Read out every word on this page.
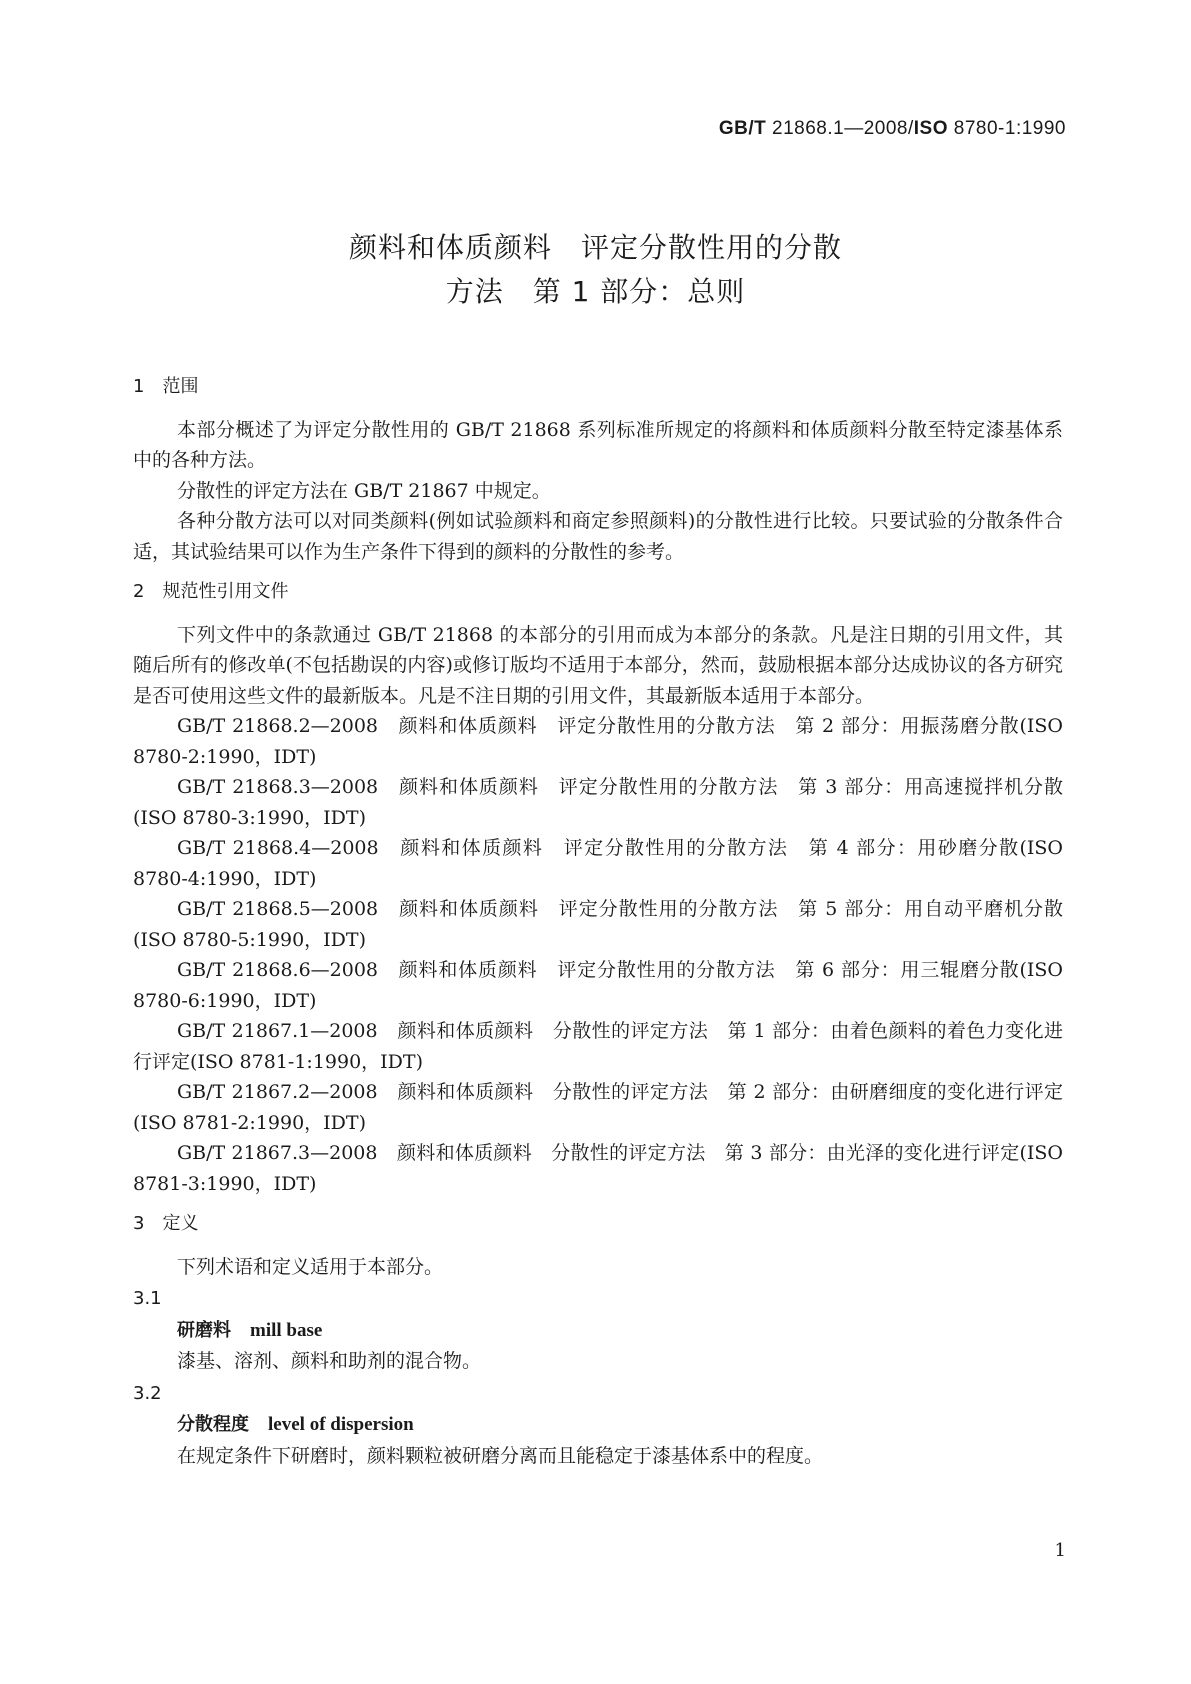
GB/T 21868.1—2008/ISO 8780-1:1990
颜料和体质颜料　评定分散性用的分散
方法　第 1 部分：总则
1　范围

本部分概述了为评定分散性用的 GB/T 21868 系列标准所规定的将颜料和体质颜料分散至特定漆基体系中的各种方法。

分散性的评定方法在 GB/T 21867 中规定。

各种分散方法可以对同类颜料(例如试验颜料和商定参照颜料)的分散性进行比较。只要试验的分散条件合适，其试验结果可以作为生产条件下得到的颜料的分散性的参考。

2　规范性引用文件

下列文件中的条款通过 GB/T 21868 的本部分的引用而成为本部分的条款。凡是注日期的引用文件，其随后所有的修改单(不包括勘误的内容)或修订版均不适用于本部分，然而，鼓励根据本部分达成协议的各方研究是否可使用这些文件的最新版本。凡是不注日期的引用文件，其最新版本适用于本部分。

GB/T 21868.2—2008　颜料和体质颜料　评定分散性用的分散方法　第 2 部分：用振荡磨分散(ISO 8780-2:1990，IDT)

GB/T 21868.3—2008　颜料和体质颜料　评定分散性用的分散方法　第 3 部分：用高速搅拌机分散(ISO 8780-3:1990，IDT)

GB/T 21868.4—2008　颜料和体质颜料　评定分散性用的分散方法　第 4 部分：用砂磨分散(ISO 8780-4:1990，IDT)

GB/T 21868.5—2008　颜料和体质颜料　评定分散性用的分散方法　第 5 部分：用自动平磨机分散(ISO 8780-5:1990，IDT)

GB/T 21868.6—2008　颜料和体质颜料　评定分散性用的分散方法　第 6 部分：用三辊磨分散(ISO 8780-6:1990，IDT)

GB/T 21867.1—2008　颜料和体质颜料　分散性的评定方法　第 1 部分：由着色颜料的着色力变化进行评定(ISO 8781-1:1990，IDT)

GB/T 21867.2—2008　颜料和体质颜料　分散性的评定方法　第 2 部分：由研磨细度的变化进行评定(ISO 8781-2:1990，IDT)

GB/T 21867.3—2008　颜料和体质颜料　分散性的评定方法　第 3 部分：由光泽的变化进行评定(ISO 8781-3:1990，IDT)

3　定义

下列术语和定义适用于本部分。

3.1
研磨料　 mill base
漆基、溶剂、颜料和助剂的混合物。
3.2
分散程度　 level of dispersion
在规定条件下研磨时，颜料颗粒被研磨分离而且能稳定于漆基体系中的程度。
1
